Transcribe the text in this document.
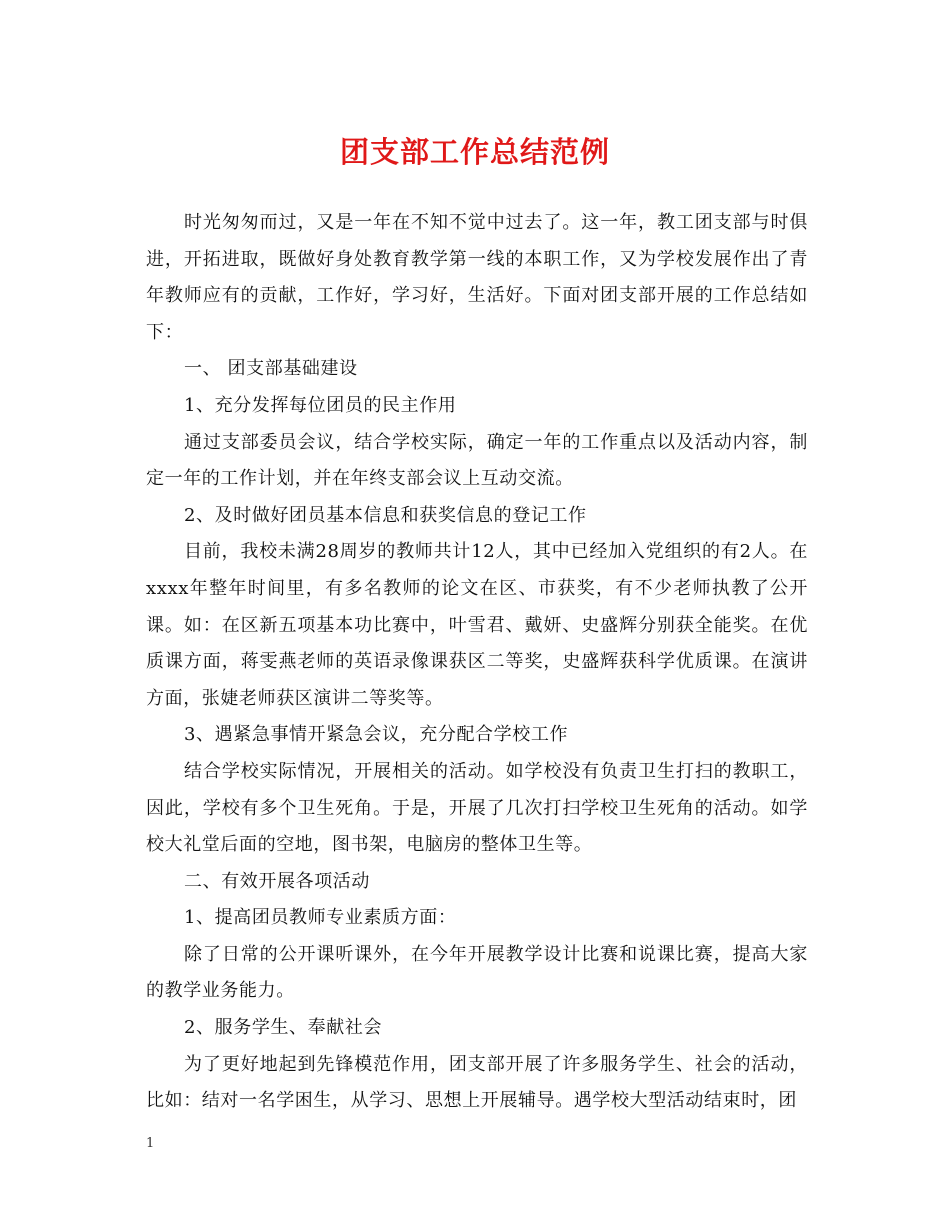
团支部工作总结范例

时光匆匆而过，又是一年在不知不觉中过去了。这一年，教工团支部与时俱进，开拓进取，既做好身处教育教学第一线的本职工作，又为学校发展作出了青年教师应有的贡献，工作好，学习好，生活好。下面对团支部开展的工作总结如下：

一、 团支部基础建设

1、充分发挥每位团员的民主作用

通过支部委员会议，结合学校实际，确定一年的工作重点以及活动内容，制定一年的工作计划，并在年终支部会议上互动交流。

2、及时做好团员基本信息和获奖信息的登记工作

目前，我校未满28周岁的教师共计12人，其中已经加入党组织的有2人。在xxxx年整年时间里，有多名教师的论文在区、市获奖，有不少老师执教了公开课。如：在区新五项基本功比赛中，叶雪君、戴妍、史盛辉分别获全能奖。在优质课方面，蒋雯燕老师的英语录像课获区二等奖，史盛辉获科学优质课。在演讲方面，张婕老师获区演讲二等奖等。

3、遇紧急事情开紧急会议，充分配合学校工作

结合学校实际情况，开展相关的活动。如学校没有负责卫生打扫的教职工，因此，学校有多个卫生死角。于是，开展了几次打扫学校卫生死角的活动。如学校大礼堂后面的空地，图书架，电脑房的整体卫生等。

二、有效开展各项活动

1、提高团员教师专业素质方面：

除了日常的公开课听课外，在今年开展教学设计比赛和说课比赛，提高大家的教学业务能力。

2、服务学生、奉献社会

为了更好地起到先锋模范作用，团支部开展了许多服务学生、社会的活动，比如：结对一名学困生，从学习、思想上开展辅导。遇学校大型活动结束时，团

1
